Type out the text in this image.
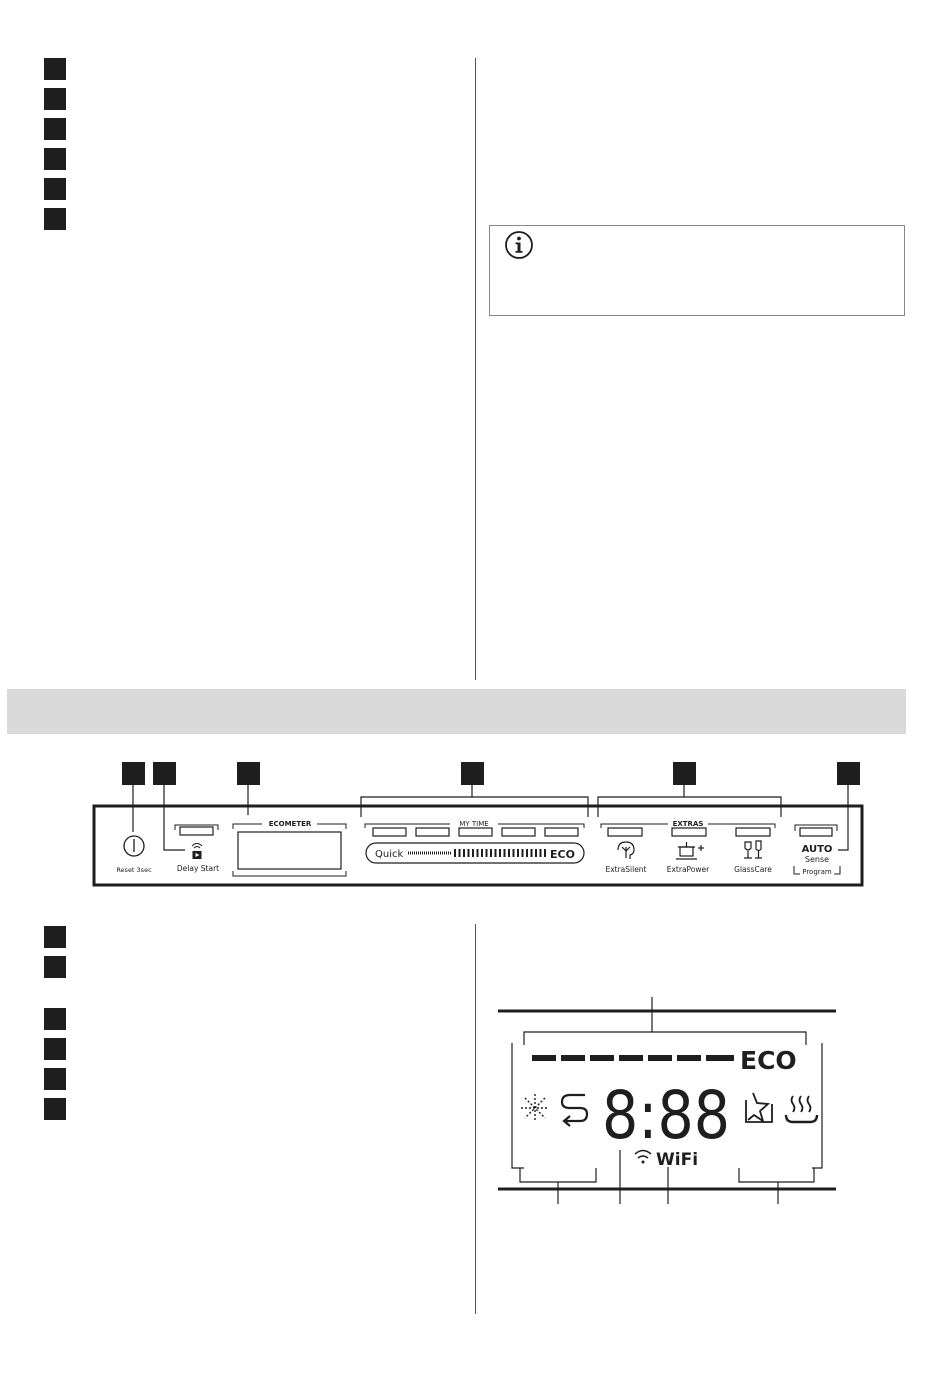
Reset 3sec	Delay Start
ECOMETER	MY TIME
Quick	ECO
EXTRAS
ExtraSilent	ExtraPower	GlassCare
AUTO
Sense
Program
ECO
8:88
WiFi
